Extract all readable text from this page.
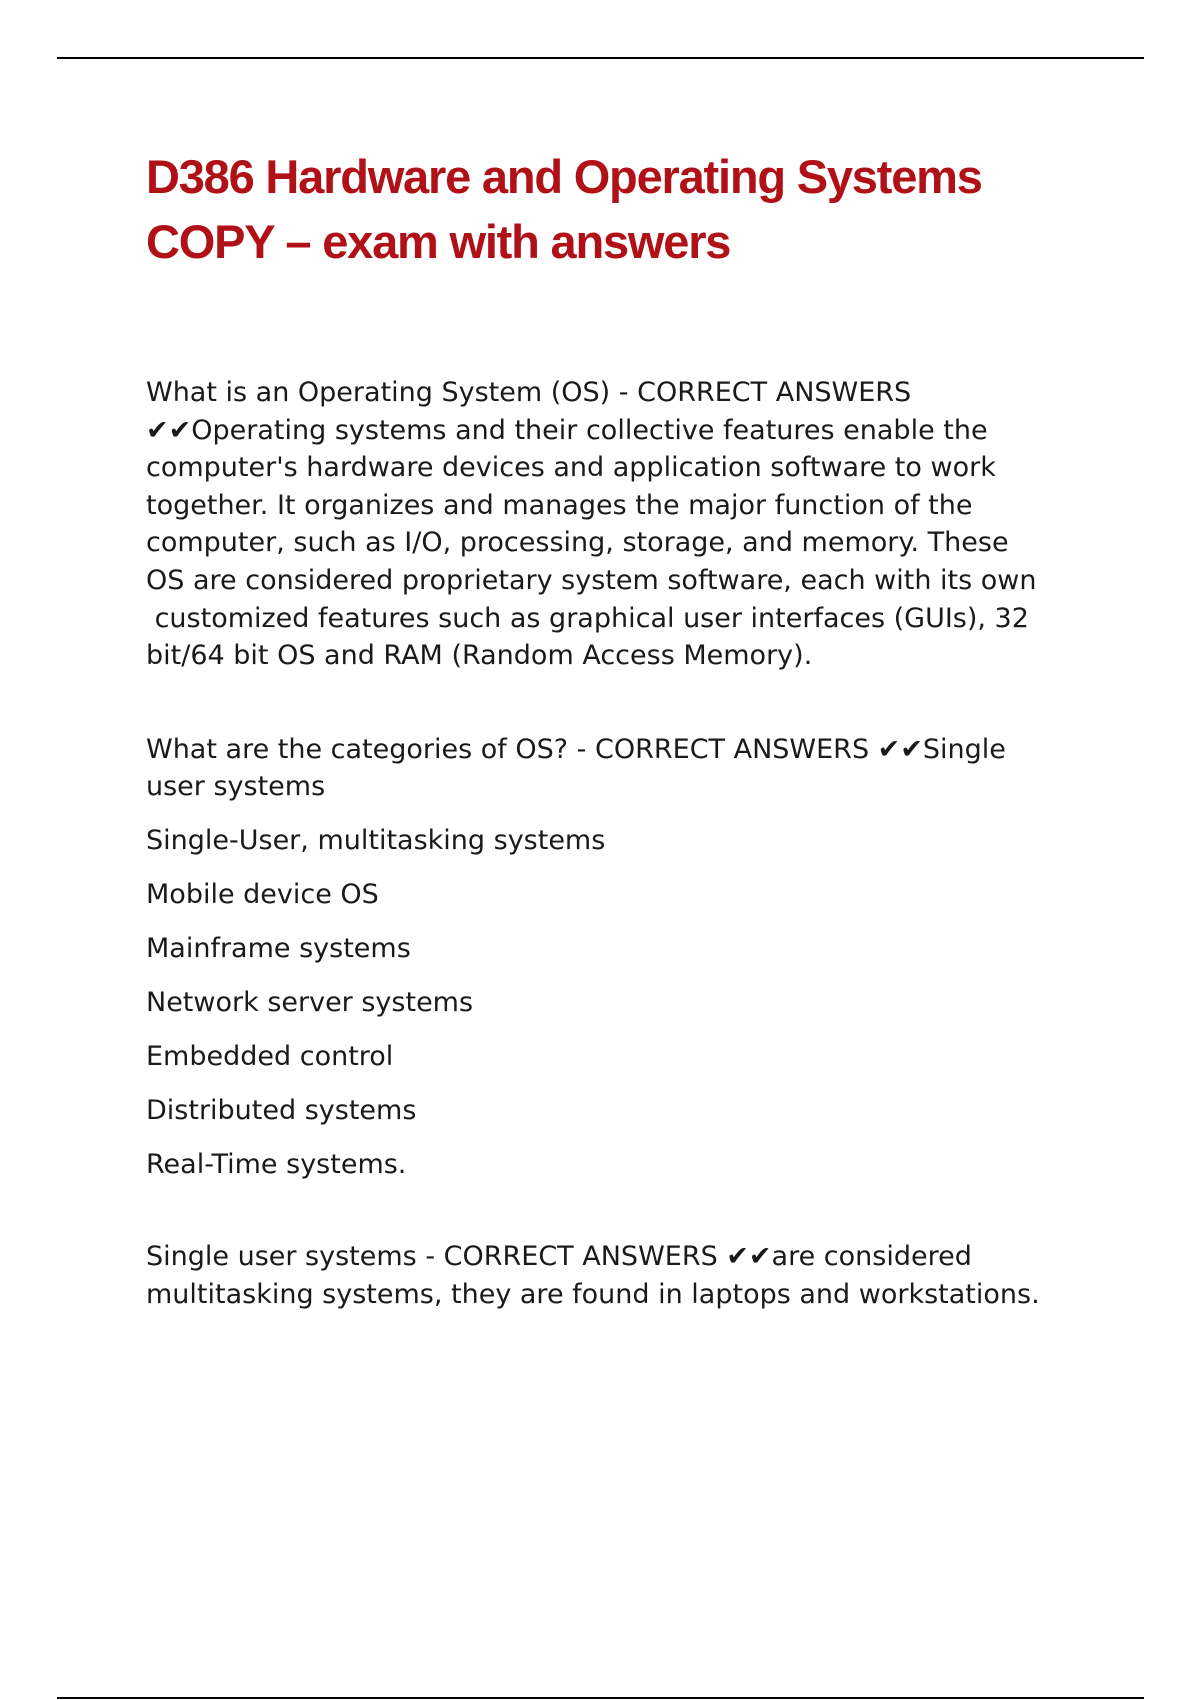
D386 Hardware and Operating Systems
COPY – exam with answers

What is an Operating System (OS) - CORRECT ANSWERS
✔✔Operating systems and their collective features enable the
computer's hardware devices and application software to work
together. It organizes and manages the major function of the
computer, such as I/O, processing, storage, and memory. These
OS are considered proprietary system software, each with its own
customized features such as graphical user interfaces (GUIs), 32
bit/64 bit OS and RAM (Random Access Memory).

What are the categories of OS? - CORRECT ANSWERS ✔✔Single
user systems

Single-User, multitasking systems
Mobile device OS
Mainframe systems
Network server systems
Embedded control
Distributed systems
Real-Time systems.

Single user systems - CORRECT ANSWERS ✔✔are considered
multitasking systems, they are found in laptops and workstations.
